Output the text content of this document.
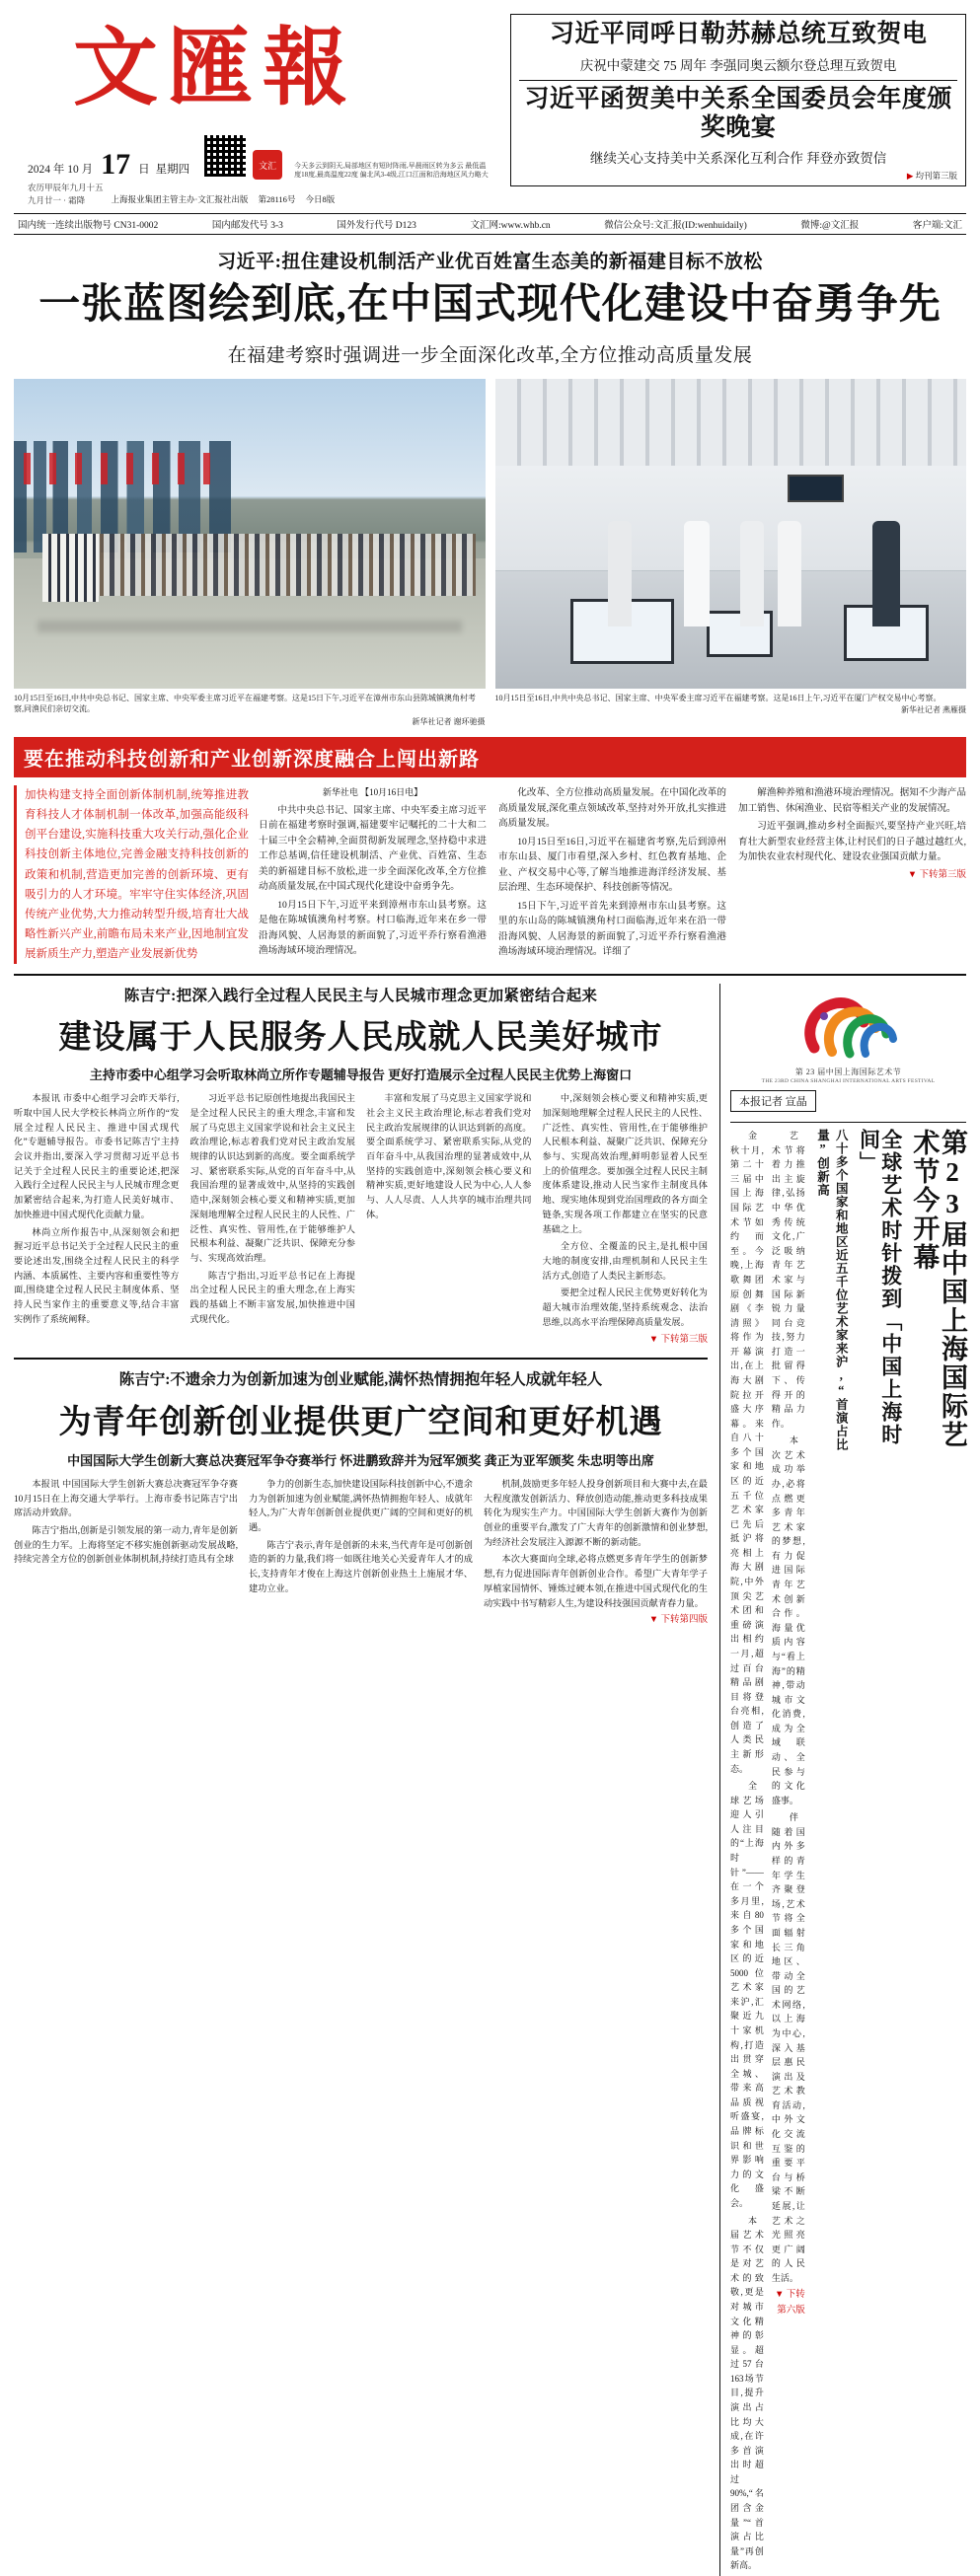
文匯報
2024 年 10 月 17 日 星期四	文汇	今天多云到阴天,局部地区有短时阵雨,早晨雨区转为多云 最低温度18度,最高温度22度 偏北风3-4级,江口江面和沿海地区风力略大
农历甲辰年九月十五
九月廿一 · 霜降	上海报业集团主管主办·文汇报社出版 第28116号 今日8版
习近平同呼日勒苏赫总统互致贺电
庆祝中蒙建交 75 周年 李强同奥云额尔登总理互致贺电
习近平函贺美中关系全国委员会年度颁奖晚宴
继续关心支持美中关系深化互利合作 拜登亦致贺信
▶ 均刊第三版
国内统一连续出版物号 CN31-0002	国内邮发代号 3-3	国外发行代号 D123	文汇网:www.whb.cn	微信公众号:文汇报(ID:wenhuidaily)	微博:@文汇报	客户端:文汇
习近平:扭住建设机制活产业优百姓富生态美的新福建目标不放松
一张蓝图绘到底,在中国式现代化建设中奋勇争先
在福建考察时强调进一步全面深化改革,全方位推动高质量发展
10月15日至16日,中共中央总书记、国家主席、中央军委主席习近平在福建考察。这是15日下午,习近平在漳州市东山县陈城镇澳角村考察,同渔民们亲切交流。
新华社记者 谢环驰摄
10月15日至16日,中共中央总书记、国家主席、中央军委主席习近平在福建考察。这是16日上午,习近平在厦门产权交易中心考察。
新华社记者 燕雁摄
要在推动科技创新和产业创新深度融合上闯出新路
加快构建支持全面创新体制机制,统筹推进教育科技人才体制机制一体改革,加强高能级科创平台建设,实施科技重大攻关行动,强化企业科技创新主体地位,完善金融支持科技创新的政策和机制,营造更加完善的创新环境、更有吸引力的人才环境。牢牢守住实体经济,巩固传统产业优势,大力推动转型升级,培育壮大战略性新兴产业,前瞻布局未来产业,因地制宜发展新质生产力,塑造产业发展新优势
新华社电 【10月16日电】

中共中央总书记、国家主席、中央军委主席习近平日前在福建考察时强调,福建要牢记嘱托的二十大和二十届三中全会精神,全面贯彻新发展理念,坚持稳中求进工作总基调,信任建设机制活、产业优、百姓富、生态美的新福建目标不放松,进一步全面深化改革,全方位推动高质量发展,在中国式现代化建设中奋勇争先。

10月15日下午,习近平来到漳州市东山县考察。这是他在陈城镇澳角村考察。村口临海,近年来在乡一带沿海风貌、人居海景的新面貌了,习近平乔行察看渔港渔场海域环境治理情况。

化改革、全方位推动高质量发展。在中国化改革的高质量发展,深化重点领域改革,坚持对外开放,扎实推进高质量发展。

10月15日至16日,习近平在福建省考察,先后到漳州市东山县、厦门市看望,深入乡村、红色教育基地、企业、产权交易中心等,了解当地推进海洋经济发展、基层治理、生态环境保护、科技创新等情况。

15日下午,习近平首先来到漳州市东山县考察。这里的东山岛的陈城镇澳角村口面临海,近年来在沿一带沿海风貌、人居海景的新面貌了,习近平乔行察看渔港渔场海域环境治理情况。详细了

解渔种养殖和渔港环境治理情况。据知不少海产品加工销售、休闲渔业、民宿等相关产业的发展情况。

习近平强调,推动乡村全面振兴,要坚持产业兴旺,培育壮大新型农业经营主体,让村民们的日子越过越红火,为加快农业农村现代化、建设农业强国贡献力量。

▼ 下转第三版
陈吉宁:把深入践行全过程人民民主与人民城市理念更加紧密结合起来
建设属于人民服务人民成就人民美好城市
主持市委中心组学习会听取林尚立所作专题辅导报告 更好打造展示全过程人民民主优势上海窗口

本报讯 市委中心组学习会昨天举行,听取中国人民大学校长林尚立所作的“发展全过程人民民主、推进中国式现代化”专题辅导报告。市委书记陈吉宁主持会议并指出,要深入学习贯彻习近平总书记关于全过程人民民主的重要论述,把深入践行全过程人民民主与人民城市理念更加紧密结合起来,为打造人民美好城市、加快推进中国式现代化贡献力量。

林尚立所作报告中,从深刻领会和把握习近平总书记关于全过程人民民主的重要论述出发,围绕全过程人民民主的科学内涵、本质属性、主要内容和重要性等方面,围绕建全过程人民民主制度体系、坚持人民当家作主的重要意义等,结合丰富实例作了系统阐释。

习近平总书记原创性地提出我国民主是全过程人民民主的重大理念,丰富和发展了马克思主义国家学说和社会主义民主政治理论,标志着我们党对民主政治发展规律的认识达到新的高度。要全面系统学习、紧密联系实际,从党的百年奋斗中,从我国治理的显著成效中,从坚持的实践创造中,深刻领会核心要义和精神实质,更加深刻地理解全过程人民民主的人民性、广泛性、真实性、管用性,在于能够维护人民根本利益、凝聚广泛共识、保障充分参与、实现高效治理。

陈吉宁指出,习近平总书记在上海提出全过程人民民主的重大理念,在上海实践的基础上不断丰富发展,加快推进中国式现代化。

丰富和发展了马克思主义国家学说和社会主义民主政治理论,标志着我们党对民主政治发展规律的认识达到新的高度。要全面系统学习、紧密联系实际,从党的百年奋斗中,从我国治理的显著成效中,从坚持的实践创造中,深刻领会核心要义和精神实质,更好地建设人民为中心,人人参与、人人尽责、人人共享的城市治理共同体。

中,深刻领会核心要义和精神实质,更加深刻地理解全过程人民民主的人民性、广泛性、真实性、管用性,在于能够维护人民根本利益、凝聚广泛共识、保障充分参与、实现高效治理,鲜明彰显着人民至上的价值理念。要加强全过程人民民主制度体系建设,推动人民当家作主制度具体地、现实地体现到党治国理政的各方面全链条,实现各项工作都建立在坚实的民意基础之上。

全方位、全覆盖的民主,是扎根中国大地的制度安排,由理机制和人民民主生活方式,创造了人类民主新形态。

要把全过程人民民主优势更好转化为超大城市治理效能,坚持系统观念、法治思维,以高水平治理保障高质量发展。

▼ 下转第三版
陈吉宁:不遗余力为创新加速为创业赋能,满怀热情拥抱年轻人成就年轻人
为青年创新创业提供更广空间和更好机遇
中国国际大学生创新大赛总决赛冠军争夺赛举行 怀进鹏致辞并为冠军颁奖 龚正为亚军颁奖 朱忠明等出席

本报讯 中国国际大学生创新大赛总决赛冠军争夺赛10月15日在上海交通大学举行。上海市委书记陈吉宁出席活动并致辞。

陈吉宁指出,创新是引领发展的第一动力,青年是创新创业的生力军。上海将坚定不移实施创新驱动发展战略,持续完善全方位的创新创业体制机制,持续打造具有全球

争力的创新生态,加快建设国际科技创新中心,不遗余力为创新加速为创业赋能,满怀热情拥抱年轻人、成就年轻人,为广大青年创新创业提供更广阔的空间和更好的机遇。

陈吉宁表示,青年是创新的未来,当代青年是可创新创造的新的力量,我们将一如既往地关心关爱青年人才的成长,支持青年才俊在上海这片创新创业热土上施展才华、建功立业。

机制,鼓励更多年轻人投身创新项目和大赛中去,在最大程度激发创新活力、释放创造动能,推动更多科技成果转化为现实生产力。中国国际大学生创新大赛作为创新创业的重要平台,激发了广大青年的创新激情和创业梦想,为经济社会发展注入源源不断的新动能。

本次大赛面向全球,必将点燃更多青年学生的创新梦想,有力促进国际青年创新创业合作。希望广大青年学子厚植家国情怀、锤炼过硬本领,在推进中国式现代化的生动实践中书写精彩人生,为建设科技强国贡献青春力量。

▼ 下转第四版
第 23 届中国上海国际艺术节
THE 23RD CHINA SHANGHAI INTERNATIONAL ARTS FESTIVAL
本报记者 宣晶

金秋十月,第二十三届中国上海国际艺术节如约而至。今晚,上海歌舞团原创舞剧《李清照》将作为开幕演出,在上海大剧院拉开盛大序幕。来自八十多个国家和地区的近五千位艺术家已先后抵沪将亮相上海大剧院,中外顶尖艺术团和重磅演出相约一月,超过百台精品剧目将登台亮相,创造了人类民主新形态。

全球艺场迎人引人注目的“上海时针”——在一个多月里,来自80多个国家和地区的近5000位艺术家来沪,汇聚近九十家机构,打造出贯穿全城、带来高品质视听盛宴,品牌标识和世界影响力的文化盛会。

本届艺术节不仅是对艺术的致敬,更是对城市文化精神的彰显。超过57台163场节目,提升演出占比均大成,在许多首演出时超过90%,“名团含金量”“首演占比量”再创新高。

艺术节将着力推出主旋律,弘扬中华优秀传统文化,广泛吸纳青年艺术家与国际新锐力量同台竞技,努力打造一批留得下、传得开的精品力作。

本次艺术成功举办,必将点燃更多青年艺术家的梦想,有力促进国际青年艺术创新合作。海量优质内容与“看上海”的精神,带动城市文化消费,成为全域联动、全民参与的文化盛事。

伴随着国内外多样的青年学生齐聚登场,艺术节将全面辐射长三角地区、带动全国的艺术网络,以上海为中心,深入基层惠民演出及艺术教育活动,中外文化交流互鉴的重要平台与桥梁不断延展,让艺术之光照亮更广阔的人民生活。

▼ 下转第六版
八十多个国家和地区近五千位艺术家来沪,“首演占比量”创新高	全球艺术时针拨到「中国上海时间」	第23届中国上海国际艺术节今开幕
